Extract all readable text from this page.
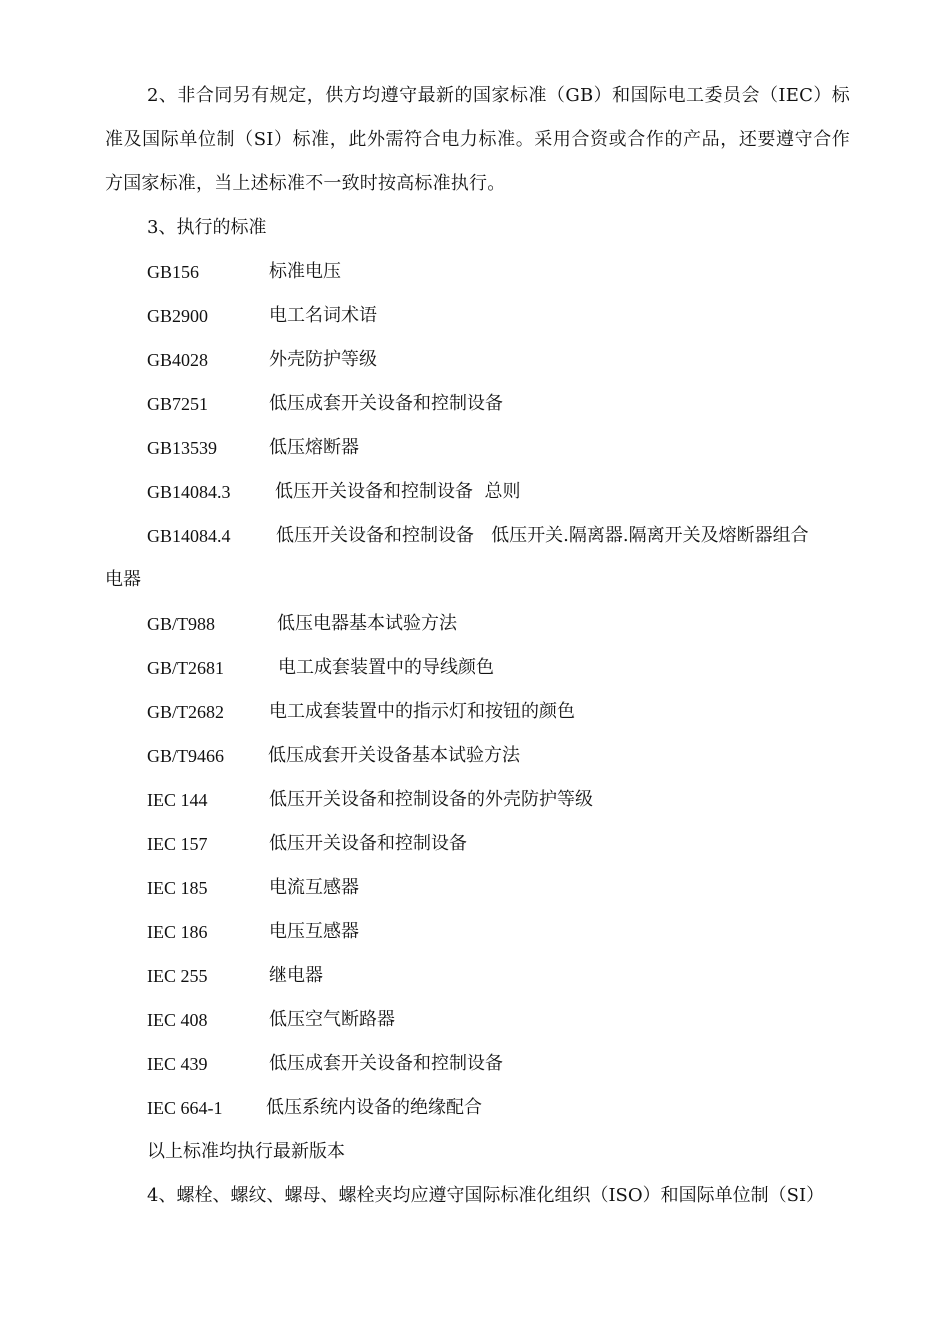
2、非合同另有规定，供方均遵守最新的国家标准（GB）和国际电工委员会（IEC）标准及国际单位制（SI）标准，此外需符合电力标准。采用合资或合作的产品，还要遵守合作方国家标准，当上述标准不一致时按高标准执行。

3、执行的标准
GB156	标准电压
GB2900	电工名词术语
GB4028	外壳防护等级
GB7251	低压成套开关设备和控制设备
GB13539	低压熔断器
GB14084.3 低压开关设备和控制设备  总则
GB14084.4	低压开关设备和控制设备   低压开关.隔离器.隔离开关及熔断器组合
电器
GB/T988	低压电器基本试验方法
GB/T2681	电工成套装置中的导线颜色
GB/T2682 电工成套装置中的指示灯和按钮的颜色
GB/T9466 低压成套开关设备基本试验方法
IEC 144	低压开关设备和控制设备的外壳防护等级
IEC 157	低压开关设备和控制设备
IEC 185	电流互感器
IEC 186	电压互感器
IEC 255	继电器
IEC 408	低压空气断路器
IEC 439	低压成套开关设备和控制设备
IEC 664-1 低压系统内设备的绝缘配合
以上标准均执行最新版本
4、螺栓、螺纹、螺母、螺栓夹均应遵守国际标准化组织（ISO）和国际单位制（SI）
